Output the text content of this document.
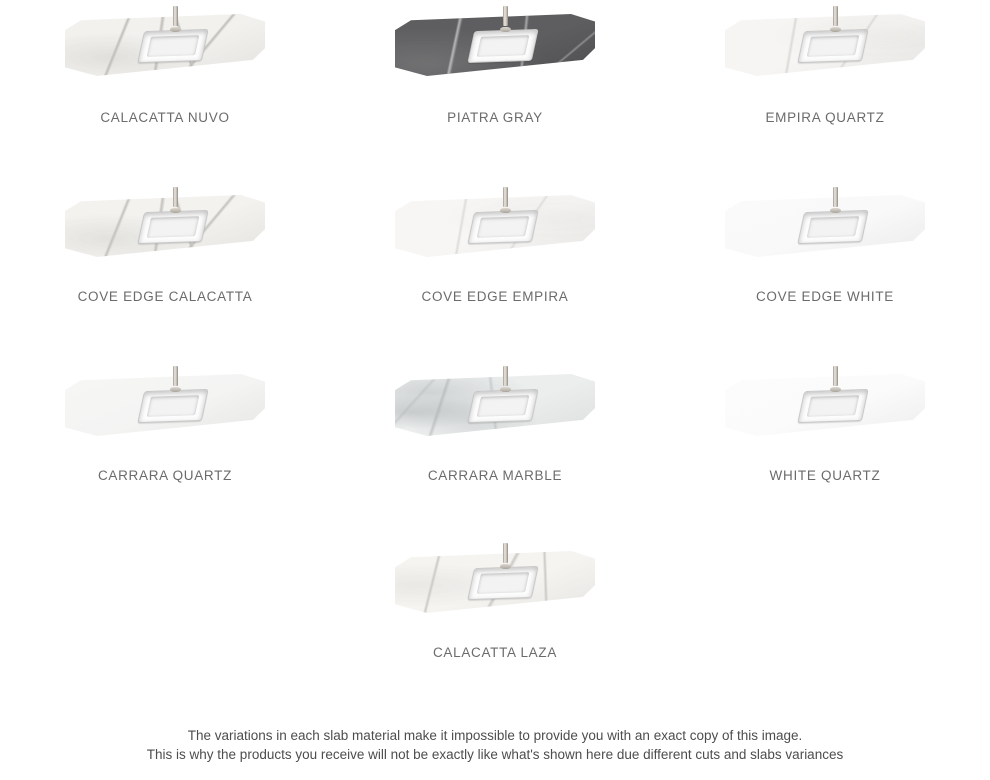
CALACATTA NUVO	PIATRA GRAY	EMPIRA QUARTZ
COVE EDGE CALACATTA	COVE EDGE EMPIRA	COVE EDGE WHITE
CARRARA QUARTZ	CARRARA MARBLE	WHITE QUARTZ
CALACATTA LAZA
The variations in each slab material make it impossible to provide you with an exact copy of this image.
This is why the products you receive will not be exactly like what's shown here due different cuts and slabs variances
